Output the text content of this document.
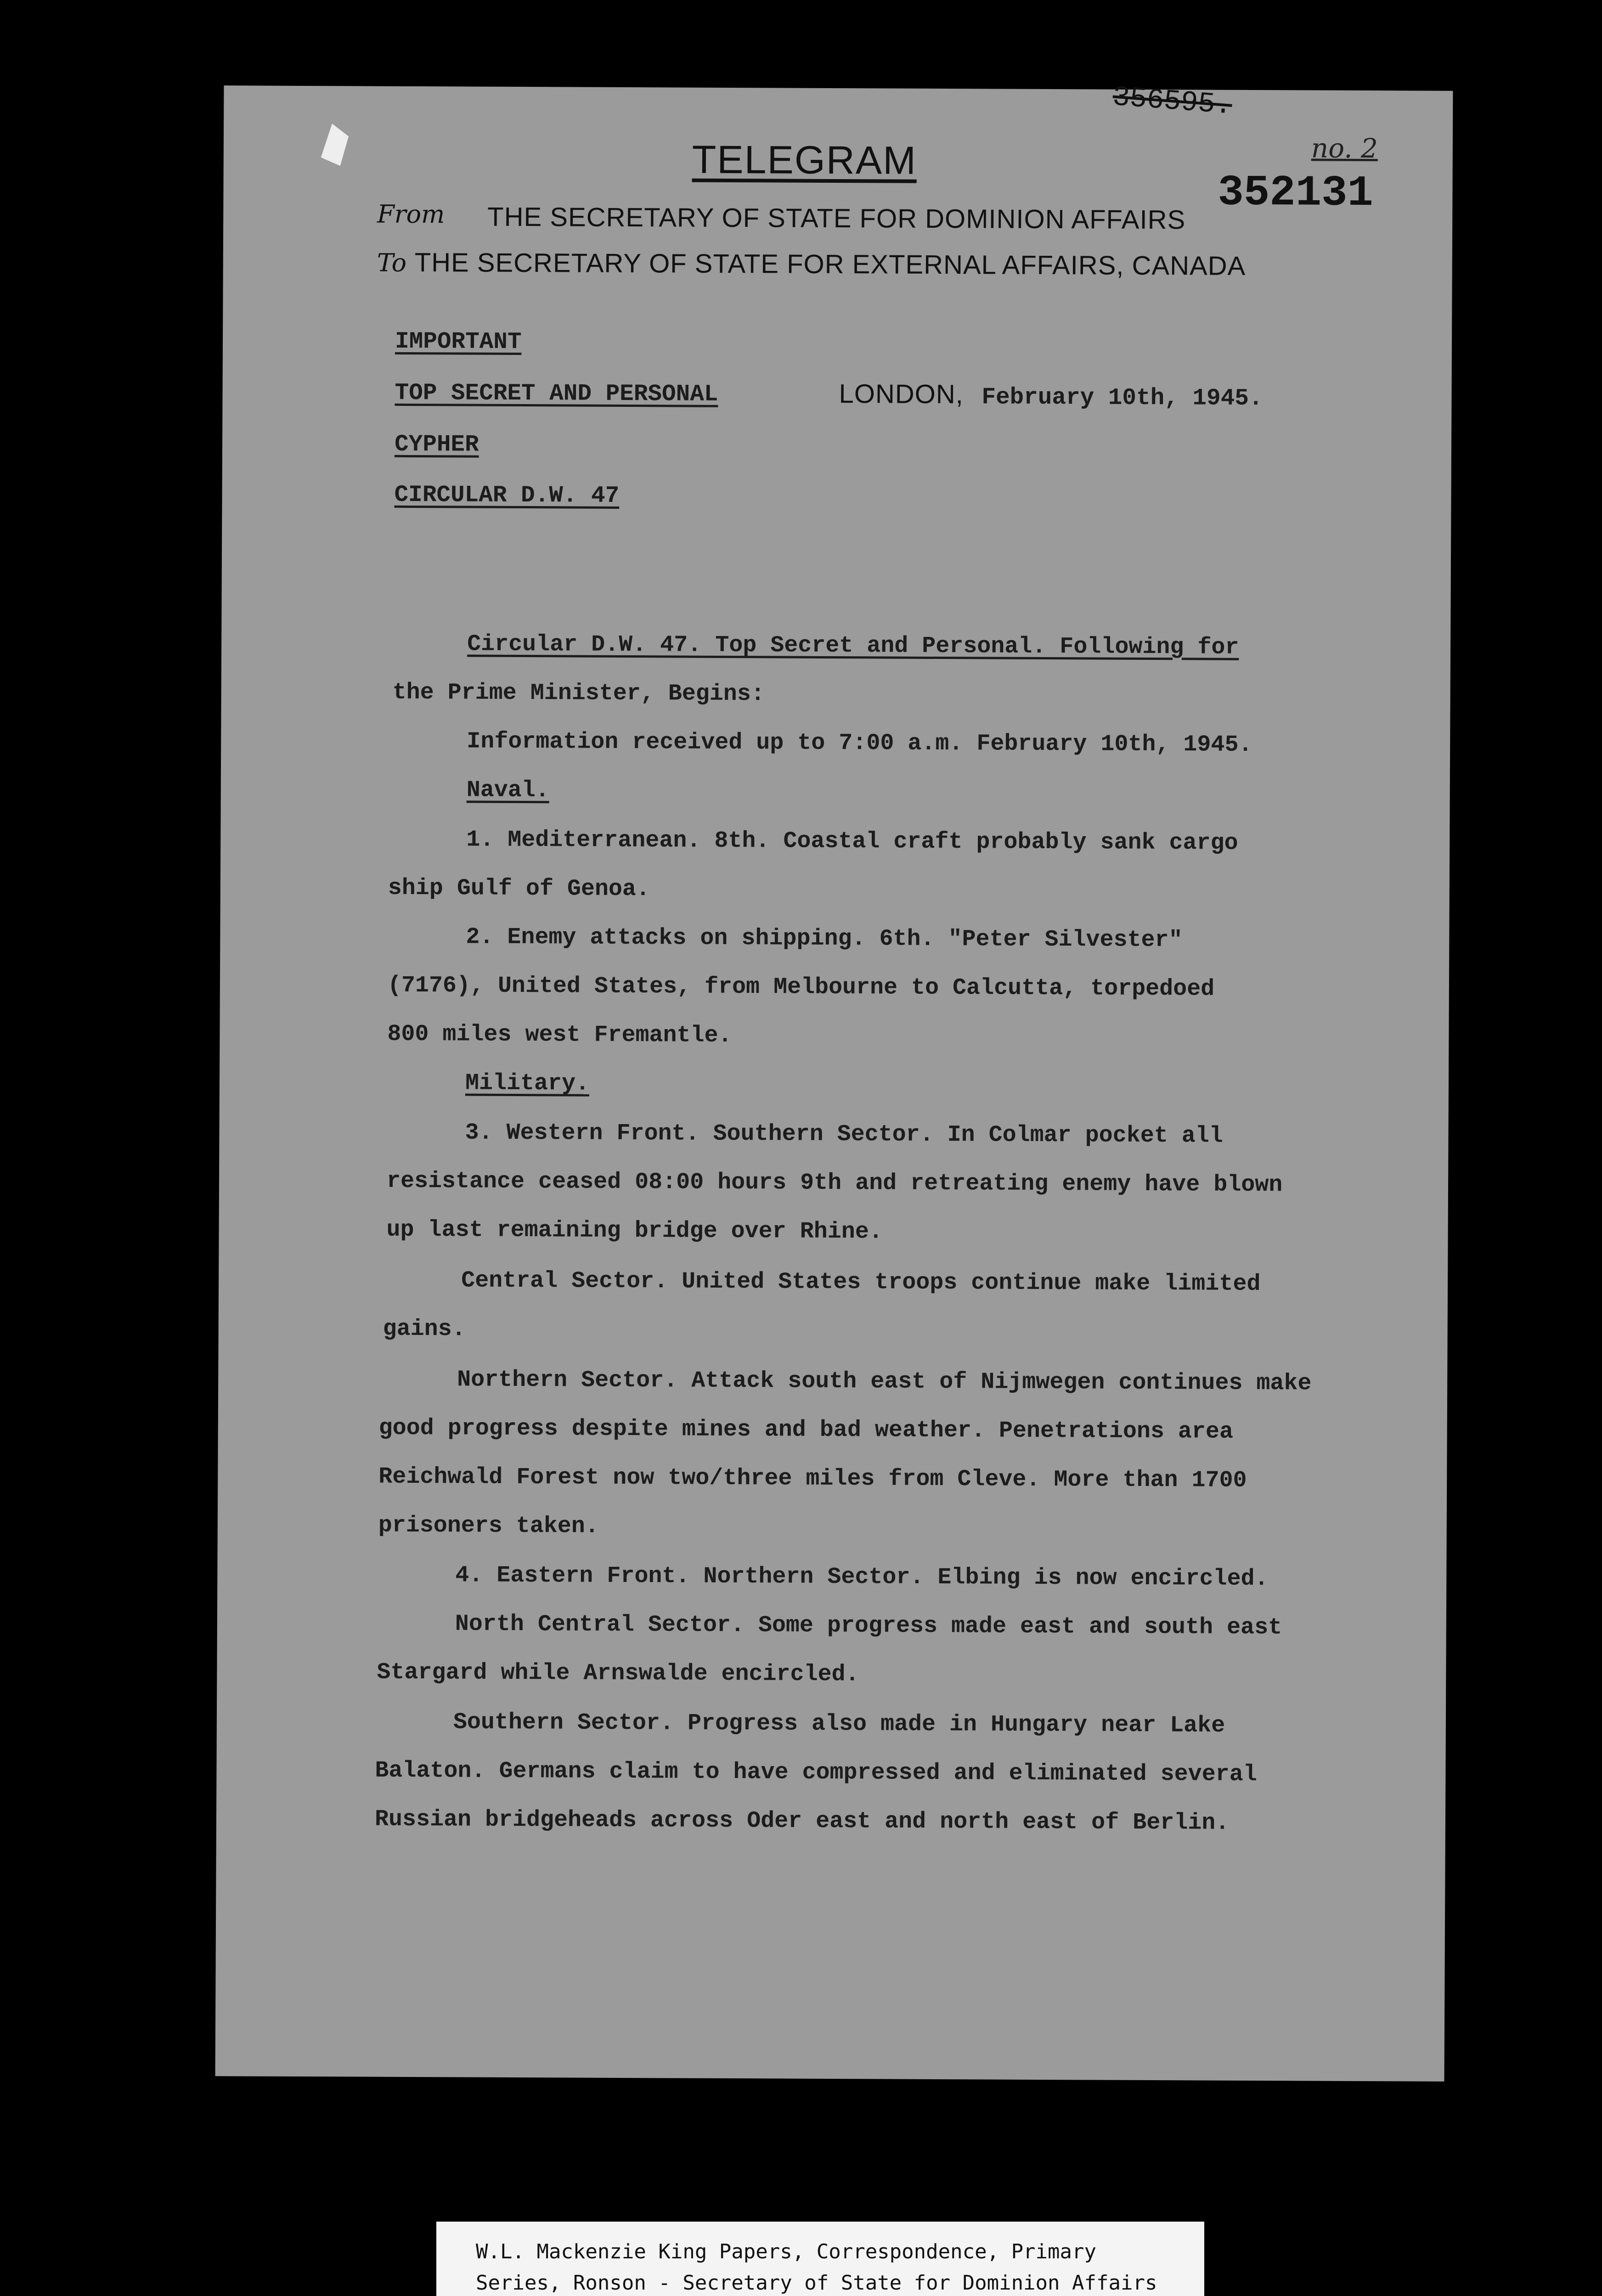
356595.
no. 2
352131
TELEGRAM
From THE SECRETARY OF STATE FOR DOMINION AFFAIRS
To THE SECRETARY OF STATE FOR EXTERNAL AFFAIRS, CANADA
IMPORTANT
TOP SECRET AND PERSONAL	LONDON, February 10th, 1945.
CYPHER
CIRCULAR D.W. 47
Circular D.W. 47. Top Secret and Personal. Following for
the Prime Minister, Begins:
Information received up to 7:00 a.m. February 10th, 1945.
Naval.
1. Mediterranean. 8th. Coastal craft probably sank cargo
ship Gulf of Genoa.
2. Enemy attacks on shipping. 6th. "Peter Silvester"
(7176), United States, from Melbourne to Calcutta, torpedoed
800 miles west Fremantle.
Military.
3. Western Front. Southern Sector. In Colmar pocket all
resistance ceased 08:00 hours 9th and retreating enemy have blown
up last remaining bridge over Rhine.
Central Sector. United States troops continue make limited
gains.
Northern Sector. Attack south east of Nijmwegen continues make
good progress despite mines and bad weather. Penetrations area
Reichwald Forest now two/three miles from Cleve. More than 1700
prisoners taken.
4. Eastern Front. Northern Sector. Elbing is now encircled.
North Central Sector. Some progress made east and south east
Stargard while Arnswalde encircled.
Southern Sector. Progress also made in Hungary near Lake
Balaton. Germans claim to have compressed and eliminated several
Russian bridgeheads across Oder east and north east of Berlin.
W.L. Mackenzie King Papers, Correspondence, Primary
Series, Ronson - Secretary of State for Dominion Affairs
